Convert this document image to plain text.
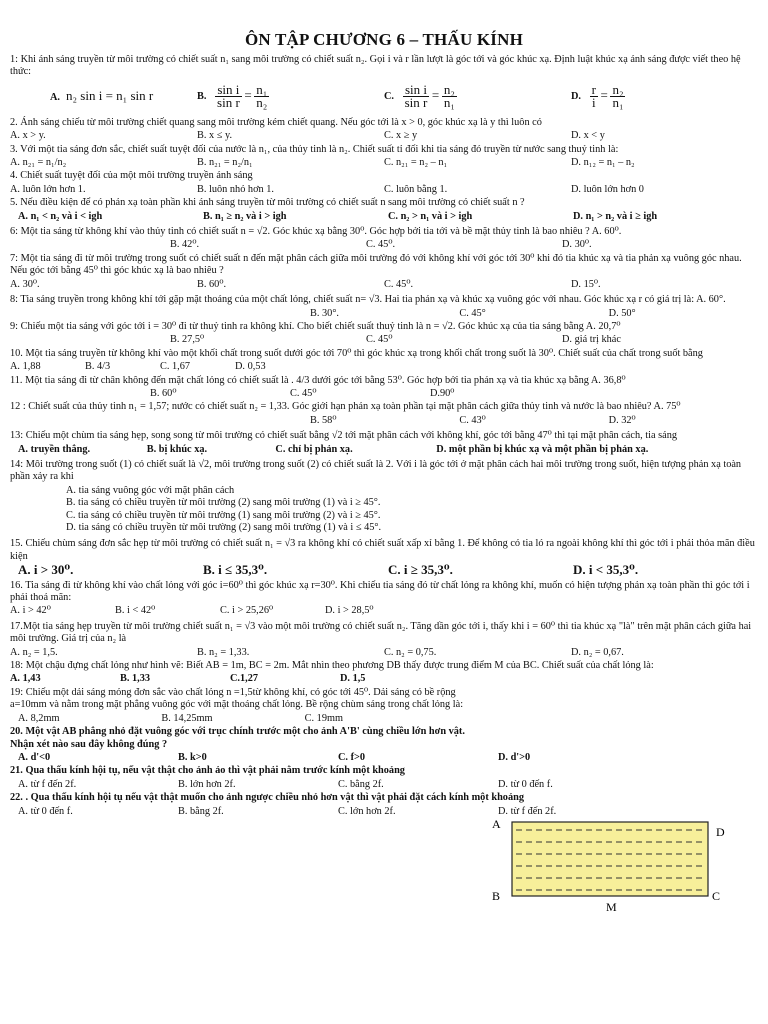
ÔN TẬP CHƯƠNG 6 – THẤU KÍNH
1: Khi ánh sáng truyền từ môi trường có chiết suất n₁ sang môi trường có chiết suất n₂. Gọi i và r lần lượt là góc tới và góc khúc xạ. Định luật khúc xạ ánh sáng được viết theo hệ thức:
A. n₂ sin i = n₁ sin r	B. $\frac{\text{sin i}}{\text{sin r}} = \frac{\text{n₁}}{\text{n₂}}$	C. $\frac{\text{sin i}}{\text{sin r}} = \frac{\text{n₂}}{\text{n₁}}$	D. $\frac{r}{i} = \frac{\text{n₂}}{\text{n₁}}$
2. Ánh sáng chiếu từ môi trường chiết quang sang môi trường kém chiết quang. Nếu góc tới là x > 0, góc khúc xạ là y thì luôn có
A. x > y.	B. x ≤ y.	C. x ≥ y	D. x < y
3. Với một tia sáng đơn sắc, chiết suất tuyệt đối của nước là n₁, của thủy tinh là n₂. Chiết suất tỉ đối khi tia sáng đó truyền từ nước sang thuỷ tinh là:
A. n₂₁ = n₁/n₂	B. n₂₁ = n₂/n₁	C. n₂₁ = n₂ – n₁	D. n₁₂ = n₁ – n₂
4. Chiết suất tuyệt đối của một môi trường truyền ánh sáng
A. luôn lớn hơn 1.	B. luôn nhỏ hơn 1.	C. luôn bằng 1.	D. luôn lớn hơn 0
5. Nếu điều kiện để có phản xạ toàn phần khi ánh sáng truyền từ môi trường có chiết suất n sang môi trường có chiết suất n ?
A. n₁ < n₂ và i < igh	B. n₁ ≥ n₂ và i > igh	C. n₂ > n₁ và i > igh	D. n₁ > n₂ và i ≥ igh
6: Một tia sáng từ không khí vào thủy tinh có chiết suất n = √2. Góc khúc xạ bằng 30⁰. Góc hợp bởi tia tới và bề mặt thủy tinh là bao nhiêu ? A. 60⁰.
B. 42⁰.	C. 45⁰.	D. 30⁰.
7: Một tia sáng đi từ môi trường trong suốt có chiết suất n đến mặt phân cách giữa môi trường đó với không khí với góc tới 30⁰ khi đó tia khúc xạ và tia phản xạ vuông góc nhau. Nếu góc tới bằng 45⁰ thì góc khúc xạ là bao nhiêu ?
A. 30⁰.	B. 60⁰.	C. 45⁰.	D. 15⁰.
8: Tia sáng truyền trong không khí tới gặp mặt thoáng của một chất lỏng, chiết suất n= √3. Hai tia phản xạ và khúc xạ vuông góc với nhau. Góc khúc xạ r có giá trị là: A. 60°.
B. 30°.	C. 45°	D. 50°
9: Chiếu một tia sáng với góc tới i = 30⁰ đi từ thuỷ tinh ra không khí. Cho biết chiết suất thuỷ tinh là n = √2. Góc khúc xạ của tia sáng bằng A. 20,7⁰
B. 27,5⁰	C. 45⁰	D. giá trị khác
10. Một tia sáng truyền từ không khí vào một khối chất trong suốt dưới góc tới 70⁰ thì góc khúc xạ trong khối chất trong suốt là 30⁰. Chiết suất của chất trong suốt bằng
A. 1,88	B. 4/3	C. 1,67	D. 0,53
11. Một tia sáng đi từ chân không đến mặt chất lỏng có chiết suất là . 4/3 dưới góc tới bằng 53⁰. Góc hợp bởi tia phản xạ và tia khúc xạ bằng A. 36,8⁰
B. 60⁰	C. 45⁰	D.90⁰
12 : Chiết suất của thủy tinh n₁ = 1,57; nước có chiết suất n₂ = 1,33. Góc giới hạn phản xạ toàn phần tại mặt phân cách giữa thủy tinh và nước là bao nhiêu? A. 75⁰
B. 58⁰	C. 43⁰	D. 32⁰
13: Chiếu một chùm tia sáng hẹp, song song từ môi trường có chiết suất bằng √2 tới mặt phân cách với không khí, góc tới bằng 47⁰ thì tại mặt phân cách, tia sáng
A. truyền thẳng.	B. bị khúc xạ.	C. chỉ bị phản xạ.	D. một phần bị khúc xạ và một phần bị phản xạ.
14: Môi trường trong suốt (1) có chiết suất là √2, môi trường trong suốt (2) có chiết suất là 2. Với i là góc tới ở mặt phân cách hai môi trường trong suốt, hiện tượng phản xạ toàn phần xảy ra khi
A. tia sáng vuông góc với mặt phân cách
B. tia sáng có chiều truyền từ môi trường (2) sang môi trường (1) và i ≥ 45°.
C. tia sáng có chiều truyền từ môi trường (1) sang môi trường (2) và i ≥ 45°.
D. tia sáng có chiều truyền từ môi trường (2) sang môi trường (1) và i ≤ 45°.
15. Chiếu chùm sáng đơn sắc hẹp từ môi trường có chiết suất n₁ = √3 ra không khí có chiết suất xấp xỉ bằng 1. Để không có tia ló ra ngoài không khí thì góc tới i phải thỏa mãn điều kiện
A. i > 30⁰.	B. i ≤ 35,3⁰.	C. i ≥ 35,3⁰.	D. i < 35,3⁰.
16. Tia sáng đi từ không khí vào chất lỏng với góc i=60⁰ thì góc khúc xạ r=30⁰. Khi chiếu tia sáng đó từ chất lỏng ra không khí, muốn có hiện tượng phản xạ toàn phần thì góc tới i phải thoả mãn:
A. i > 42⁰	B. i < 42⁰	C. i > 25,26⁰	D. i > 28,5⁰
17.Một tia sáng hẹp truyền từ môi trường chiết suất n₁ = √3 vào một môi trường có chiết suất n₂. Tăng dần góc tới i, thấy khi i = 60⁰ thì tia khúc xạ "là" trên mặt phân cách giữa hai môi trường. Giá trị của n₂ là
A. n₂ = 1,5.	B. n₂ = 1,33.	C. n₂ = 0,75.	D. n₂ = 0,67.
18: Một chậu đựng chất lỏng như hình vẽ: Biết AB = 1m, BC = 2m. Mắt nhìn theo phương DB thấy được trung điểm M của BC. Chiết suất của chất lỏng là:
A. 1,43	B. 1,33	C.1,27	D. 1,5
19: Chiếu một dải sáng mỏng đơn sắc vào chất lỏng n =1,5từ không khí, có góc tới 45⁰. Dải sáng có bề rộng a=10mm và nằm trong mặt phẳng vuông góc với mặt thoáng chất lỏng. Bề rộng chùm sáng trong chất lỏng là:
A. 8,2mm	B. 14,25mm	C. 19mm
20. Một vật AB phẳng nhỏ đặt vuông góc với trục chính trước một cho ảnh A'B' cùng chiều lớn hơn vật. Nhận xét nào sau đây không đúng ?
A. d'<0	B. k>0	C. f>0	D. d'>0
21. Qua thấu kính hội tụ, nếu vật thật cho ảnh ảo thì vật phải nằm trước kính một khoảng
A. từ f đến 2f.	B. lớn hơn 2f.	C. bằng 2f.	D. từ 0 đến f.
22. . Qua thấu kính hội tụ nếu vật thật muốn cho ảnh ngược chiều nhỏ hơn vật thì vật phải đặt cách kính một khoảng
A. từ 0 đến f.	B. bằng 2f.	C. lớn hơn 2f.	D. từ f đến 2f.
A
B	C
D
M
